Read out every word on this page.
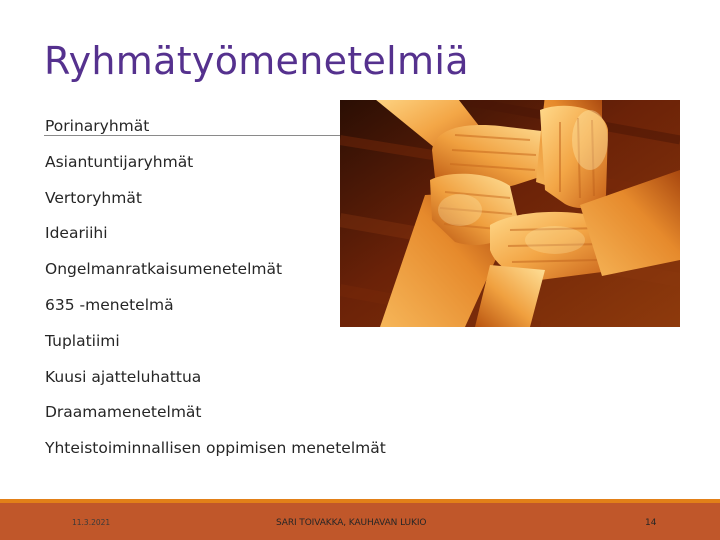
Ryhmätyömenetelmiä
Porinaryhmät
Asiantuntijaryhmät
Vertoryhmät
Ideariihi
Ongelmanratkaisumenetelmät
635 -menetelmä
Tuplatiimi
Kuusi ajatteluhattua
Draamamenetelmät
Yhteistoiminnallisen oppimisen menetelmät
11.3.2021	SARI TOIVAKKA, KAUHAVAN LUKIO	14
